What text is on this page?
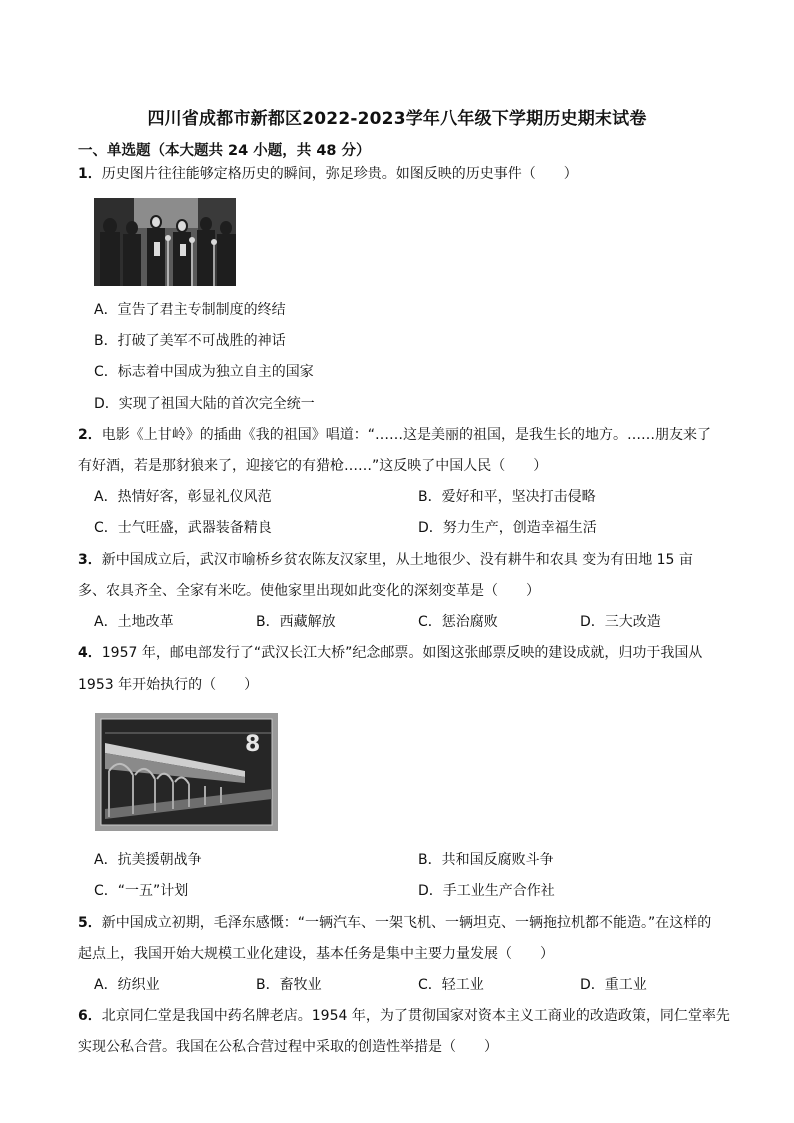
四川省成都市新都区2022-2023学年八年级下学期历史期末试卷
一、单选题（本大题共 24 小题，共 48 分）
1．历史图片往往能够定格历史的瞬间，弥足珍贵。如图反映的历史事件（　　）
A．宣告了君主专制制度的终结
B．打破了美军不可战胜的神话
C．标志着中国成为独立自主的国家
D．实现了祖国大陆的首次完全统一
2．电影《上甘岭》的插曲《我的祖国》唱道：“……这是美丽的祖国，是我生长的地方。……朋友来了
有好酒，若是那豺狼来了，迎接它的有猎枪……”这反映了中国人民（　　）
A．热情好客，彰显礼仪风范	B．爱好和平，坚决打击侵略
C．士气旺盛，武器装备精良	D．努力生产，创造幸福生活
3．新中国成立后，武汉市喻桥乡贫农陈友汉家里，从土地很少、没有耕牛和农具 变为有田地 15 亩
多、农具齐全、全家有米吃。使他家里出现如此变化的深刻变革是（　　）
A．土地改革	B．西藏解放	C．惩治腐败	D．三大改造
4．1957 年，邮电部发行了“武汉长江大桥”纪念邮票。如图这张邮票反映的建设成就，归功于我国从
1953 年开始执行的（　　）
8
A．抗美援朝战争	B．共和国反腐败斗争
C．“一五”计划	D．手工业生产合作社
5．新中国成立初期，毛泽东感慨：“一辆汽车、一架飞机、一辆坦克、一辆拖拉机都不能造。”在这样的
起点上，我国开始大规模工业化建设，基本任务是集中主要力量发展（　　）
A．纺织业	B．畜牧业	C．轻工业	D．重工业
6．北京同仁堂是我国中药名牌老店。1954 年，为了贯彻国家对资本主义工商业的改造政策，同仁堂率先
实现公私合营。我国在公私合营过程中采取的创造性举措是（　　）
